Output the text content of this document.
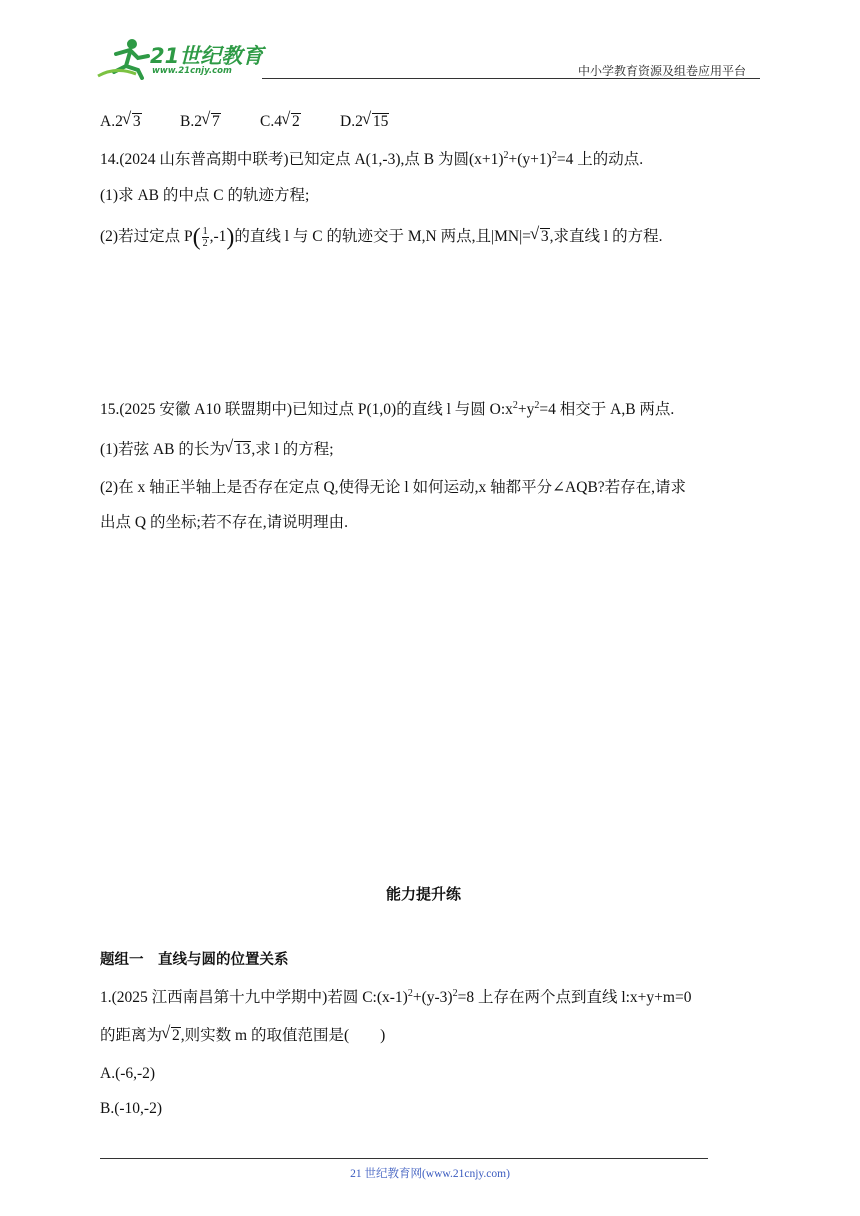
21世纪教育
www.21cnjy.com	中小学教育资源及组卷应用平台
A.2 √ 3	B.2 √ 7	C.4 √ 2	D.2 √ 15
14.(2024 山东普高期中联考)已知定点 A(1,-3),点 B 为圆$(x+1)^2+(y+1)^2=4$ 上的动点.
(1)求 AB 的中点 C 的轨迹方程;
(2)若过定点 $P( \frac{1}{2} ,-1)$的直线 l 与 C 的轨迹交于 M,N 两点,且|MN|= √ 3,求直线 l 的方程.
15.(2025 安徽 A10 联盟期中)已知过点 P(1,0)的直线 l 与圆 $O:x^2+y^2=4$ 相交于 A,B 两点.
(1)若弦 AB 的长为 √ 13,求 l 的方程;
(2)在 x 轴正半轴上是否存在定点 Q,使得无论 l 如何运动,x 轴都平分∠AQB?若存在,请求
出点 Q 的坐标;若不存在,请说明理由.
能力提升练
题组一　直线与圆的位置关系
1.(2025 江西南昌第十九中学期中)若圆 $C:(x-1)^2+(y-3)^2=8$ 上存在两个点到直线 l:x+y+m=0
的距离为 √ 2,则实数 m 的取值范围是(　　)
A.(-6,-2)
B.(-10,-2)
21 世纪教育网(www.21cnjy.com)
